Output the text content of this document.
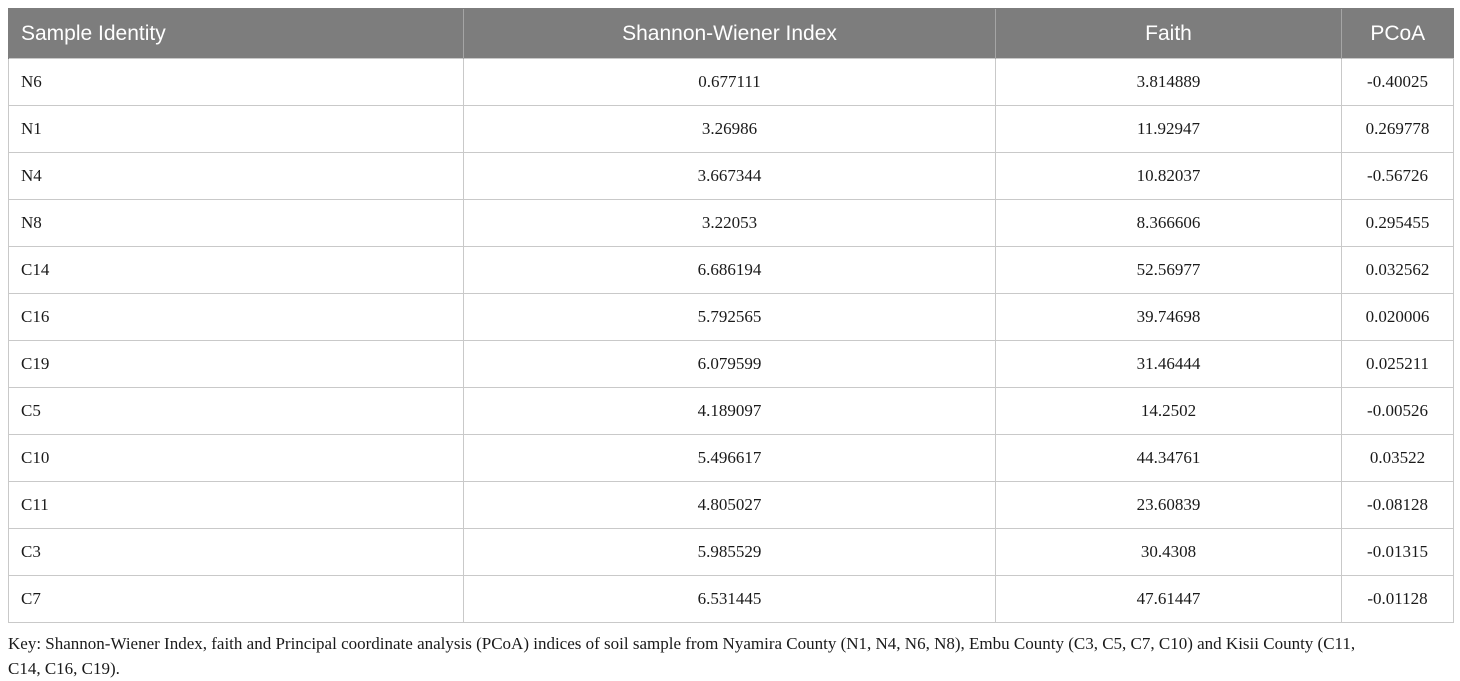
Sample Identity	Shannon-Wiener Index	Faith	PCoA
N6	0.677111	3.814889	-0.40025
N1	3.26986	11.92947	0.269778
N4	3.667344	10.82037	-0.56726
N8	3.22053	8.366606	0.295455
C14	6.686194	52.56977	0.032562
C16	5.792565	39.74698	0.020006
C19	6.079599	31.46444	0.025211
C5	4.189097	14.2502	-0.00526
C10	5.496617	44.34761	0.03522
C11	4.805027	23.60839	-0.08128
C3	5.985529	30.4308	-0.01315
C7	6.531445	47.61447	-0.01128
Key: Shannon-Wiener Index, faith and Principal coordinate analysis (PCoA) indices of soil sample from Nyamira County (N1, N4, N6, N8), Embu County (C3, C5, C7, C10) and Kisii County (C11,
C14, C16, C19).
